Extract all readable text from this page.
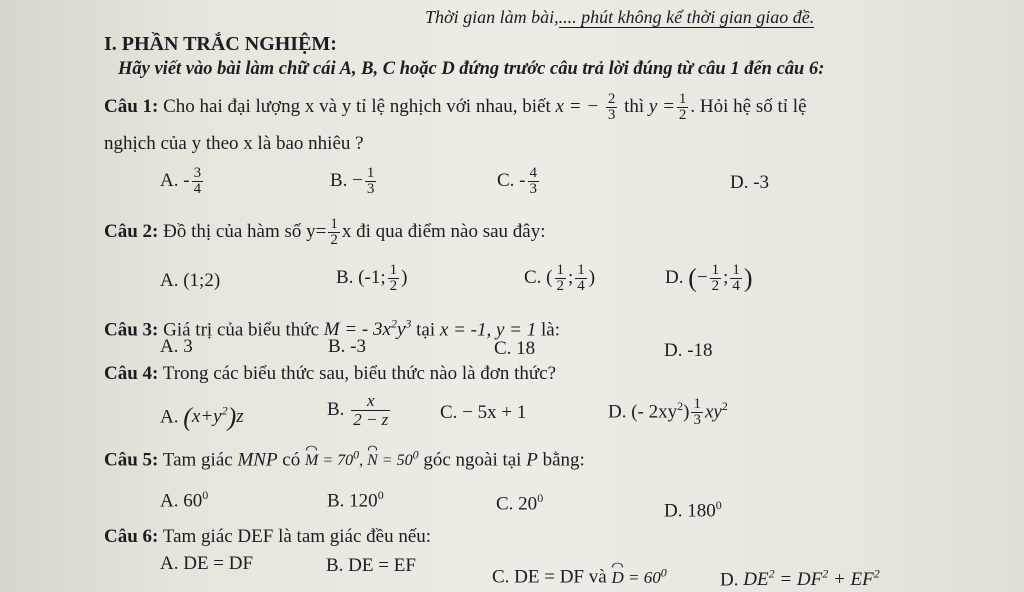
Thời gian làm bài,.... phút không kể thời gian giao đề.
I. PHẦN TRẮC NGHIỆM:
Hãy viết vào bài làm chữ cái A, B, C hoặc D đứng trước câu trả lời đúng từ câu 1 đến câu 6:
Câu 1: Cho hai đại lượng x và y tỉ lệ nghịch với nhau, biết x = − $\frac{2}{3}$ thì $y = \frac{1}{2}$ . Hỏi hệ số tỉ lệ
nghịch của y theo x là bao nhiêu ?
A. - $\frac{3}{4}$	B. − $\frac{1}{3}$	C. - $\frac{4}{3}$	D. -3
Câu 2: Đồ thị của hàm số $y= \frac{1}{2}$ x đi qua điểm nào sau đây:
A. (1;2)	B. (-1; $\frac{1}{2}$ )	C. ( $\frac{1}{2}$ ; $\frac{1}{4}$ )	D. (− $\frac{1}{2}$ ; $\frac{1}{4}$ )
Câu 3: Giá trị của biểu thức M = - $3x^2y^3$ tại x = -1, y = 1 là:
A. 3	B. -3	C. 18	D. -18
Câu 4: Trong các biểu thức sau, biểu thức nào là đơn thức?
A. $(x+y^2)z$	B. $\frac{x}{2 - z}$	C. − 5x + 1	D. (- $2xy^2) \frac{1}{3} xy^2$
Câu 5: Tam giác MNP có $M = 70^0$, $N = 50^0$ góc ngoài tại P bằng:
A. $60^0$	B. $120^0$	C. $20^0$
D. $180^0$
Câu 6: Tam giác DEF là tam giác đều nếu:
A. DE = DF	B. DE = EF
C. DE = DF và $D = 60^0$	D. $DE^2 = DF^2 + EF^2$
